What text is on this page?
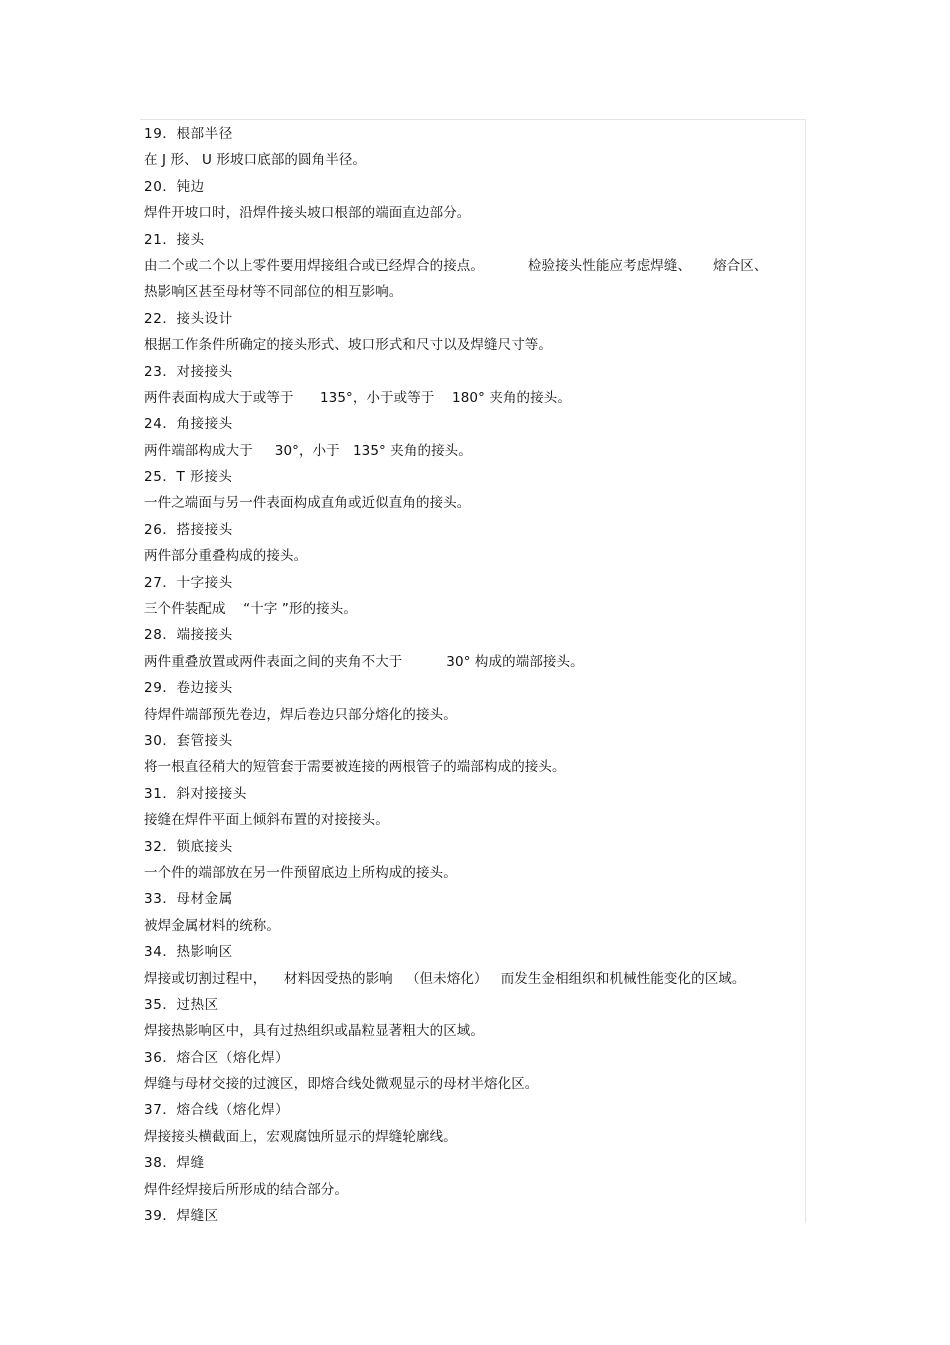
19．根部半径
在 J 形、 U 形坡口底部的圆角半径。
20．钝边
焊件开坡口时，沿焊件接头坡口根部的端面直边部分。
21．接头
由二个或二个以上零件要用焊接组合或已经焊合的接点。          检验接头性能应考虑焊缝、     熔合区、
热影响区甚至母材等不同部位的相互影响。
22．接头设计
根据工作条件所确定的接头形式、坡口形式和尺寸以及焊缝尺寸等。
23．对接接头
两件表面构成大于或等于      135°，小于或等于    180° 夹角的接头。
24．角接接头
两件端部构成大于     30°，小于   135° 夹角的接头。
25．T 形接头
一件之端面与另一件表面构成直角或近似直角的接头。
26．搭接接头
两件部分重叠构成的接头。
27．十字接头
三个件装配成    “十字 ”形的接头。
28．端接接头
两件重叠放置或两件表面之间的夹角不大于          30° 构成的端部接头。
29．卷边接头
待焊件端部预先卷边，焊后卷边只部分熔化的接头。
30．套管接头
将一根直径稍大的短管套于需要被连接的两根管子的端部构成的接头。
31．斜对接接头
接缝在焊件平面上倾斜布置的对接接头。
32．锁底接头
一个件的端部放在另一件预留底边上所构成的接头。
33．母材金属
被焊金属材料的统称。
34．热影响区
焊接或切割过程中，    材料因受热的影响   （但未熔化）   而发生金相组织和机械性能变化的区域。
35．过热区
焊接热影响区中，具有过热组织或晶粒显著粗大的区域。
36．熔合区（熔化焊）
焊缝与母材交接的过渡区，即熔合线处微观显示的母材半熔化区。
37．熔合线（熔化焊）
焊接接头横截面上，宏观腐蚀所显示的焊缝轮廓线。
38．焊缝
焊件经焊接后所形成的结合部分。
39．焊缝区
